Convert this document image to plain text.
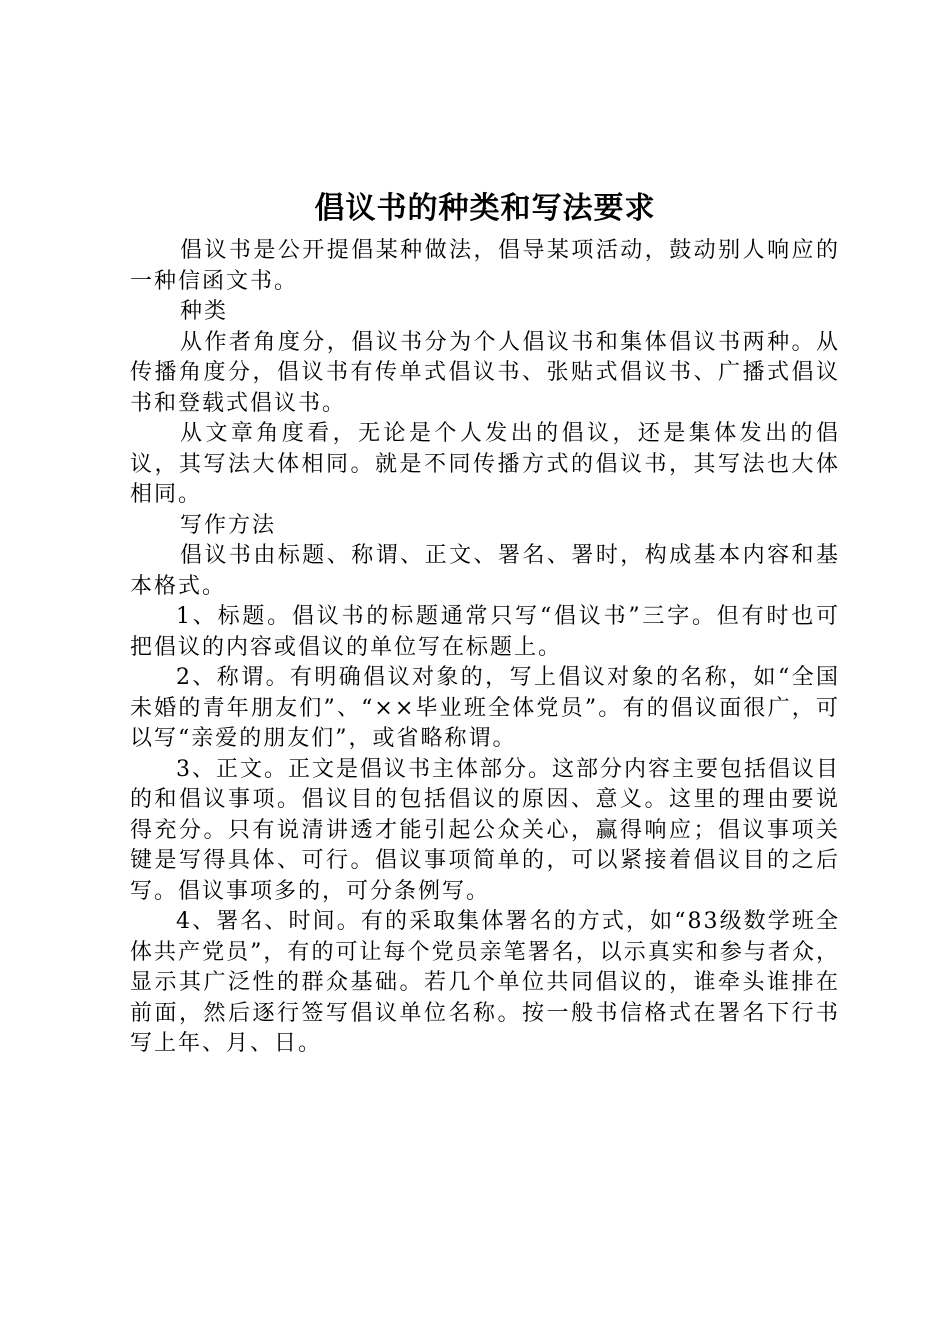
倡议书的种类和写法要求

倡议书是公开提倡某种做法，倡导某项活动，鼓动别人响应的一种信函文书。

种类

从作者角度分，倡议书分为个人倡议书和集体倡议书两种。从传播角度分，倡议书有传单式倡议书、张贴式倡议书、广播式倡议书和登载式倡议书。

从文章角度看，无论是个人发出的倡议，还是集体发出的倡议，其写法大体相同。就是不同传播方式的倡议书，其写法也大体相同。

写作方法

倡议书由标题、称谓、正文、署名、署时，构成基本内容和基本格式。

1、标题。倡议书的标题通常只写“倡议书”三字。但有时也可把倡议的内容或倡议的单位写在标题上。

2、称谓。有明确倡议对象的，写上倡议对象的名称，如“全国未婚的青年朋友们”、“××毕业班全体党员”。有的倡议面很广，可以写“亲爱的朋友们”，或省略称谓。

3、正文。正文是倡议书主体部分。这部分内容主要包括倡议目的和倡议事项。倡议目的包括倡议的原因、意义。这里的理由要说得充分。只有说清讲透才能引起公众关心，赢得响应；倡议事项关键是写得具体、可行。倡议事项简单的，可以紧接着倡议目的之后写。倡议事项多的，可分条例写。

4、署名、时间。有的采取集体署名的方式，如“83级数学班全体共产党员”，有的可让每个党员亲笔署名，以示真实和参与者众，显示其广泛性的群众基础。若几个单位共同倡议的，谁牵头谁排在前面，然后逐行签写倡议单位名称。按一般书信格式在署名下行书写上年、月、日。
